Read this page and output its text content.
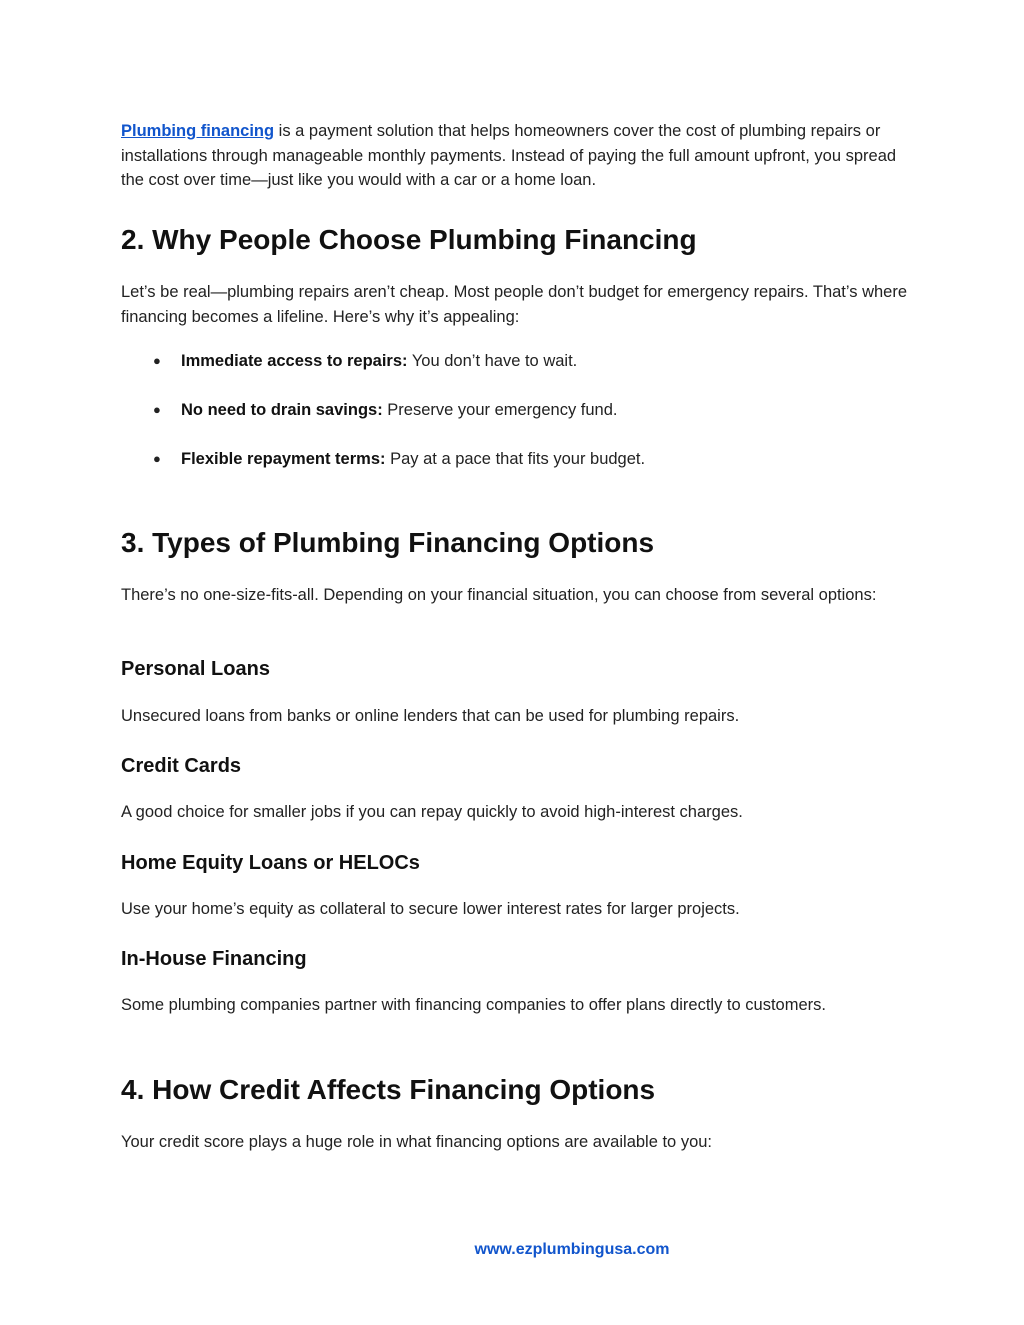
Plumbing financing is a payment solution that helps homeowners cover the cost of plumbing repairs or installations through manageable monthly payments. Instead of paying the full amount upfront, you spread the cost over time—just like you would with a car or a home loan.

2. Why People Choose Plumbing Financing

Let’s be real—plumbing repairs aren’t cheap. Most people don’t budget for emergency repairs. That’s where financing becomes a lifeline. Here’s why it’s appealing:

● Immediate access to repairs: You don’t have to wait.
● No need to drain savings: Preserve your emergency fund.
● Flexible repayment terms: Pay at a pace that fits your budget.
3. Types of Plumbing Financing Options

There’s no one-size-fits-all. Depending on your financial situation, you can choose from several options:

Personal Loans

Unsecured loans from banks or online lenders that can be used for plumbing repairs.

Credit Cards

A good choice for smaller jobs if you can repay quickly to avoid high-interest charges.

Home Equity Loans or HELOCs

Use your home’s equity as collateral to secure lower interest rates for larger projects.

In-House Financing

Some plumbing companies partner with financing companies to offer plans directly to customers.

4. How Credit Affects Financing Options

Your credit score plays a huge role in what financing options are available to you:

www.ezplumbingusa.com
